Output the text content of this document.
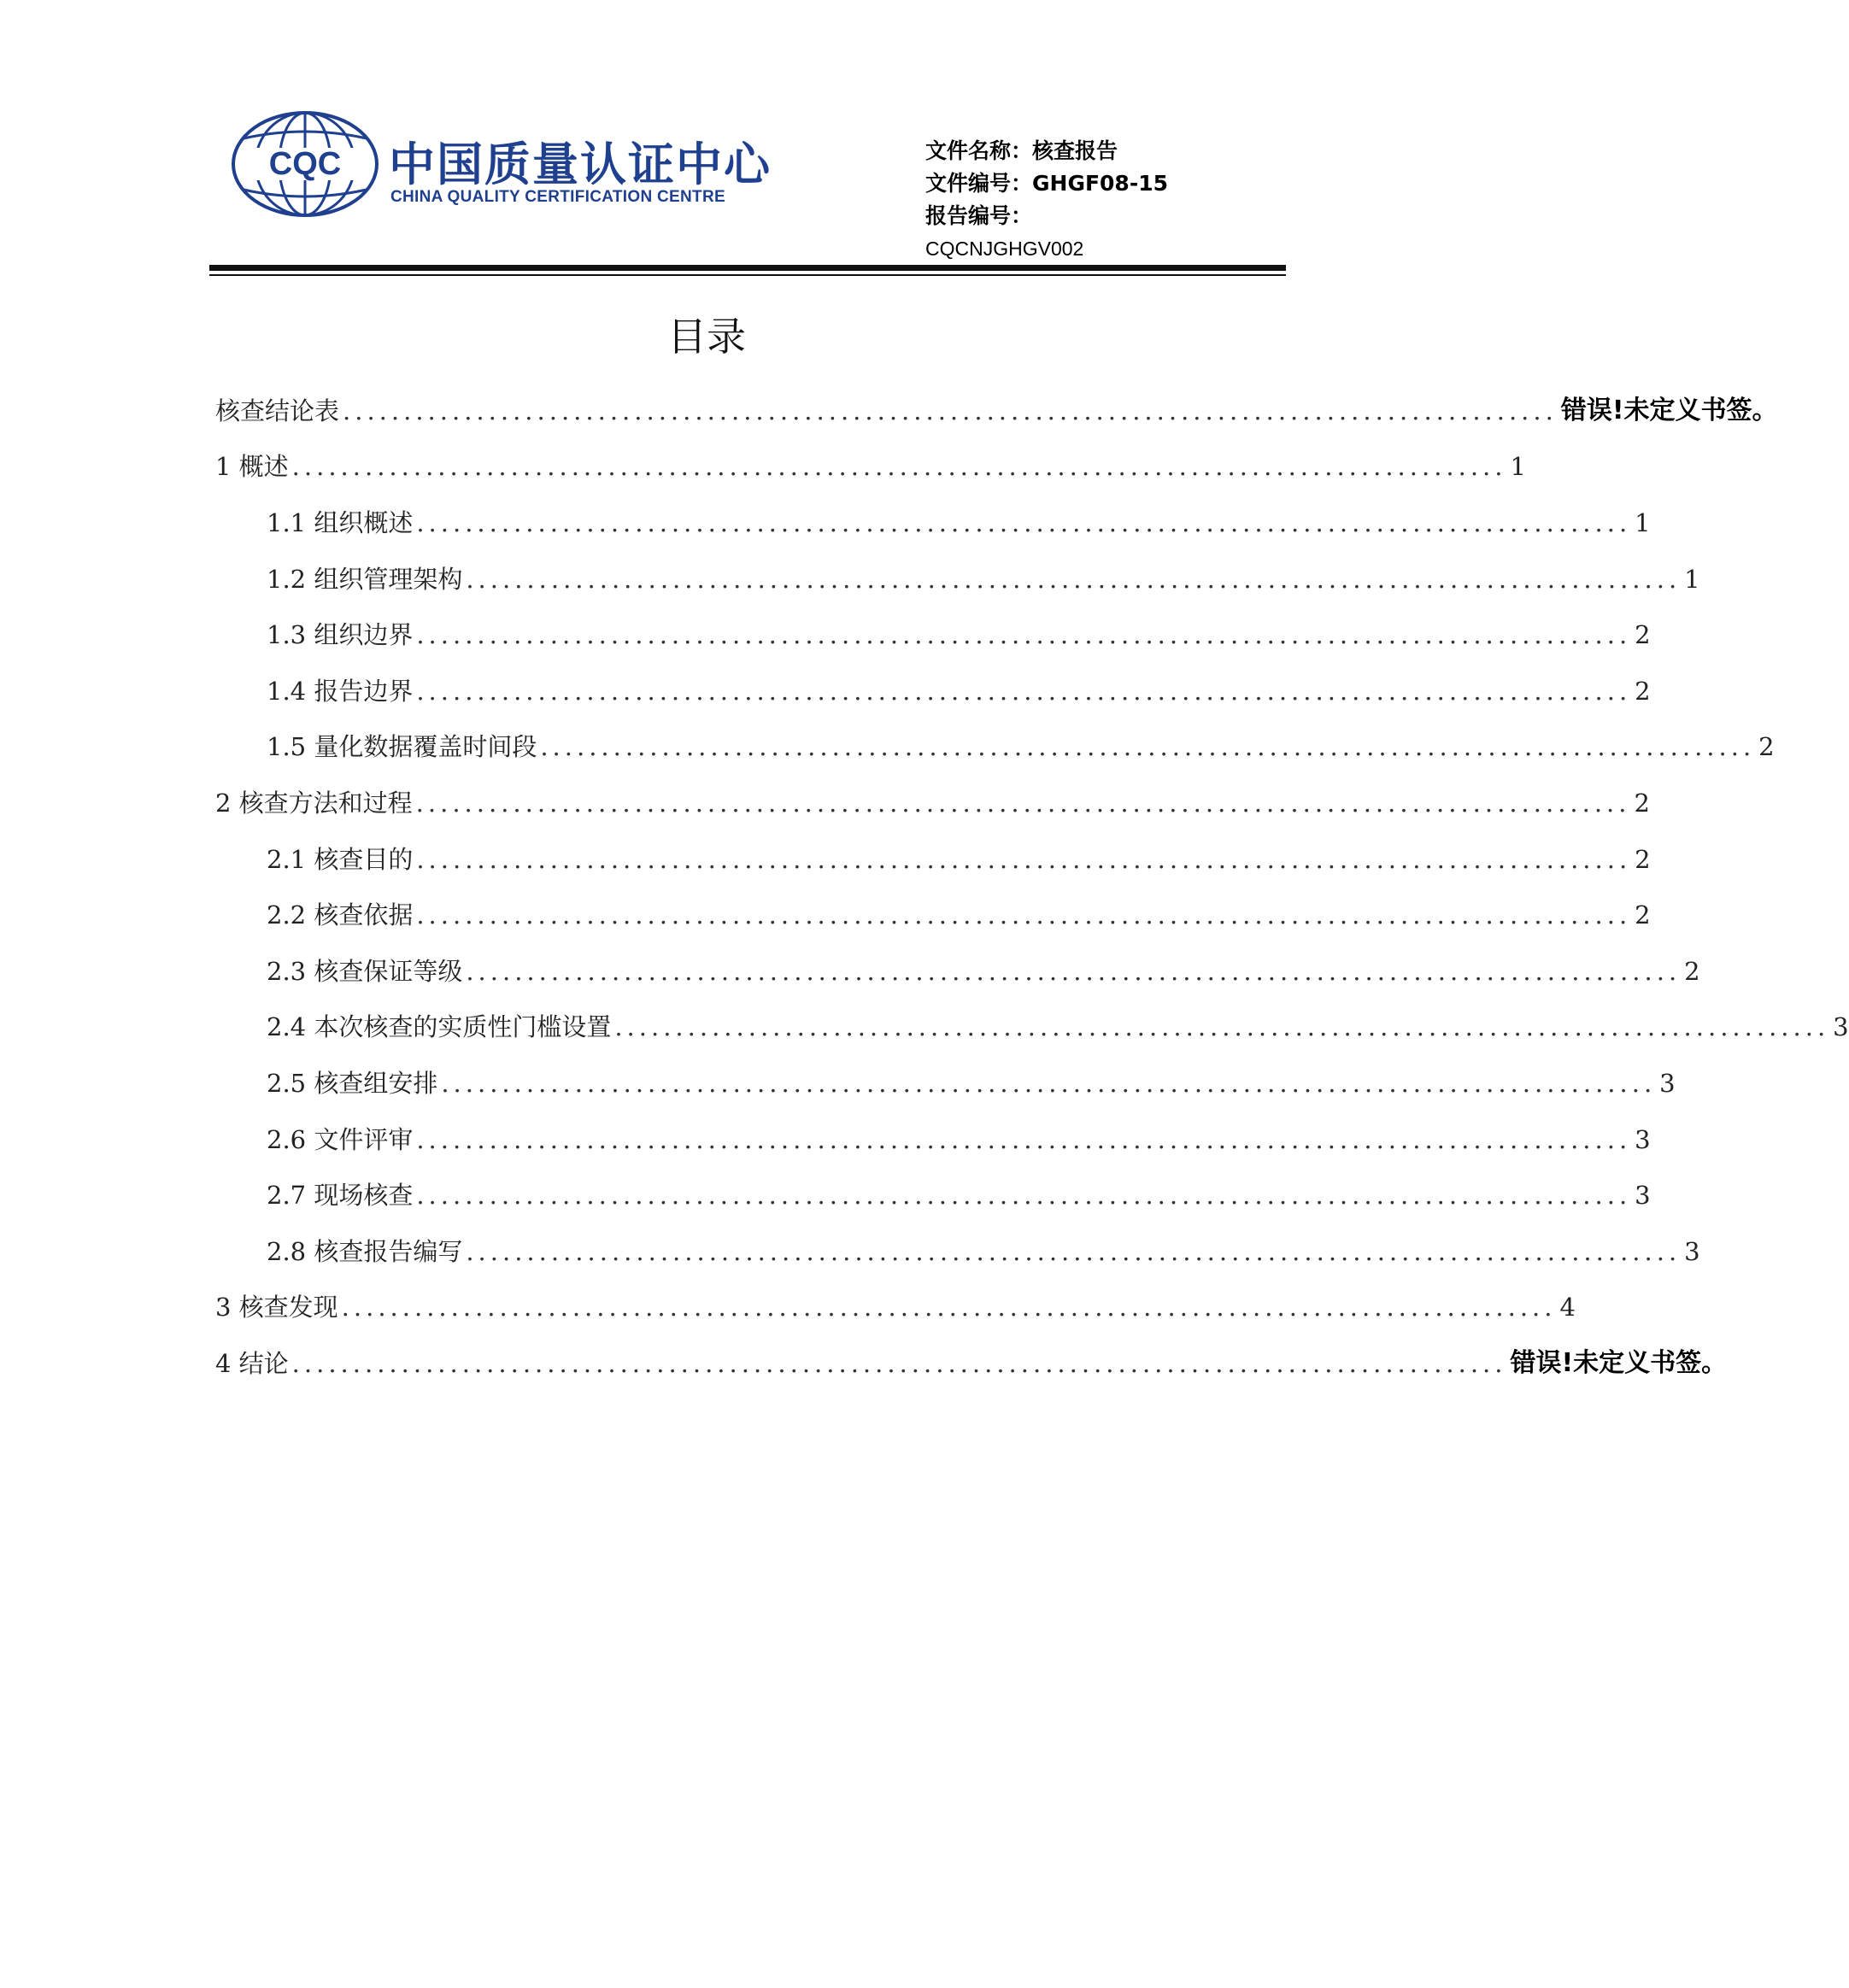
CQC 中国质量认证中心
CHINA QUALITY CERTIFICATION CENTRE
文件名称：核查报告
文件编号：GHGF08-15
报告编号：
CQCNJGHGV002
目录
核查结论表 .................................................................................................... 错误!未定义书签。
1 概述 .................................................................................................... 1
1.1 组织概述 .................................................................................................... 1
1.2 组织管理架构 .................................................................................................... 1
1.3 组织边界 .................................................................................................... 2
1.4 报告边界 .................................................................................................... 2
1.5 量化数据覆盖时间段 .................................................................................................... 2
2 核查方法和过程 .................................................................................................... 2
2.1 核查目的 .................................................................................................... 2
2.2 核查依据 .................................................................................................... 2
2.3 核查保证等级 .................................................................................................... 2
2.4 本次核查的实质性门槛设置 .................................................................................................... 3
2.5 核查组安排 .................................................................................................... 3
2.6 文件评审 .................................................................................................... 3
2.7 现场核查 .................................................................................................... 3
2.8 核查报告编写 .................................................................................................... 3
3 核查发现 .................................................................................................... 4
4 结论 .................................................................................................... 错误!未定义书签。
